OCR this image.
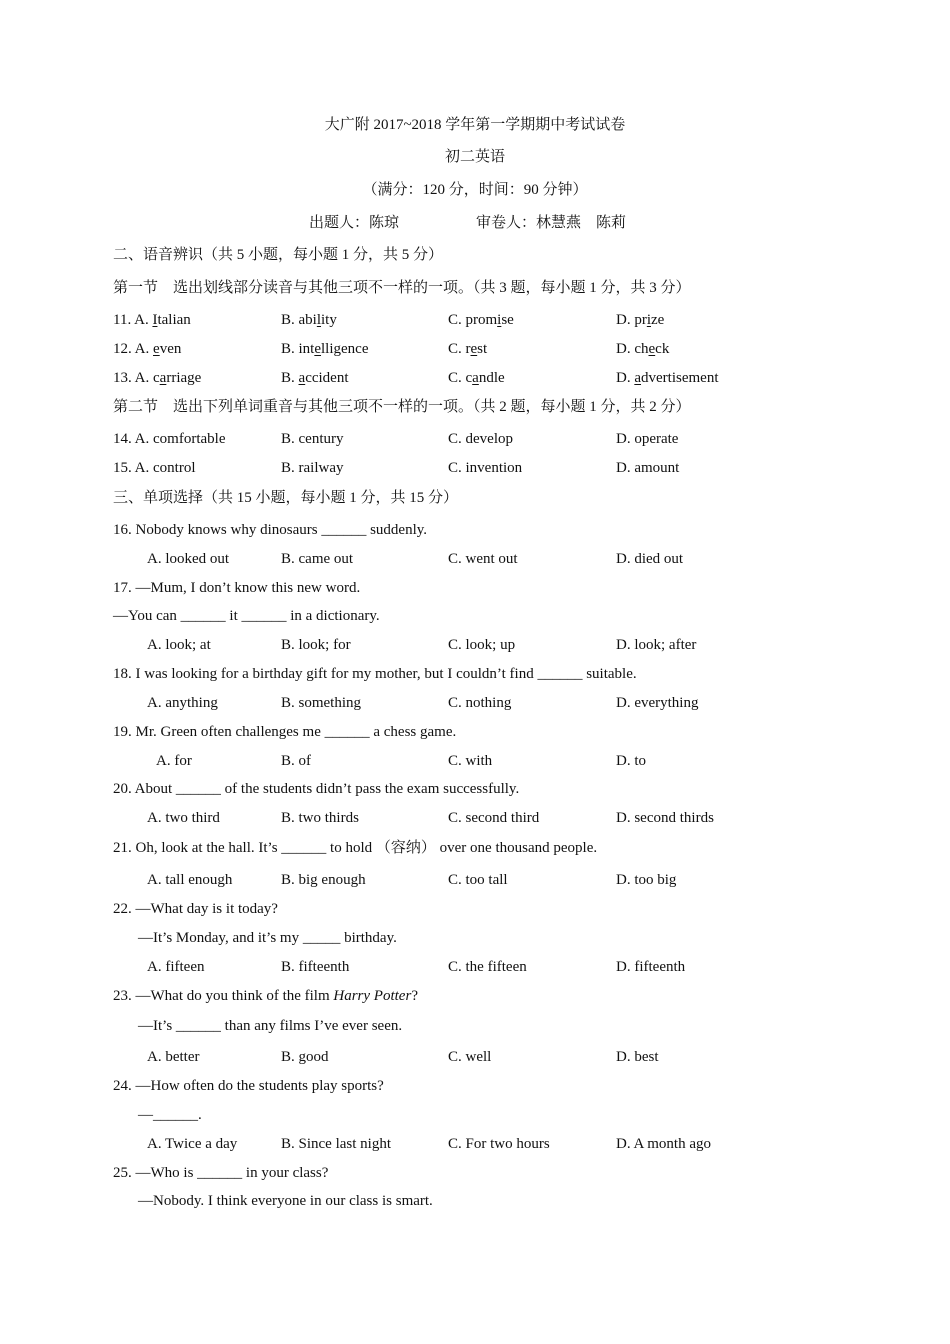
大广附 2017~2018 学年第一学期期中考试试卷
初二英语
（满分：120 分，时间：90 分钟）
出题人：陈琼	审卷人：林慧燕　陈莉
二、语音辨识（共 5 小题，每小题 1 分，共 5 分）
第一节　选出划线部分读音与其他三项不一样的一项。（共 3 题，每小题 1 分，共 3 分）
11. A. Italian	B. ability	C. promise	D. prize
12. A. even	B. intelligence	C. rest	D. check
13. A. carriage	B. accident	C. candle	D. advertisement
第二节　选出下列单词重音与其他三项不一样的一项。（共 2 题，每小题 1 分，共 2 分）
14. A. comfortable	B. century	C. develop	D. operate
15. A. control	B. railway	C. invention	D. amount
三、单项选择（共 15 小题，每小题 1 分，共 15 分）
16. Nobody knows why dinosaurs ______ suddenly.
A. looked out	B. came out	C. went out	D. died out
17. —Mum, I don’t know this new word.
—You can ______ it ______ in a dictionary.
A. look; at	B. look; for	C. look; up	D. look; after
18. I was looking for a birthday gift for my mother, but I couldn’t find ______ suitable.
A. anything	B. something	C. nothing	D. everything
19. Mr. Green often challenges me ______ a chess game.
A. for	B. of	C. with	D. to
20. About ______ of the students didn’t pass the exam successfully.
A. two third	B. two thirds	C. second third	D. second thirds
21. Oh, look at the hall. It’s ______ to hold （容纳） over one thousand people.
A. tall enough	B. big enough	C. too tall	D. too big
22. —What day is it today?
—It’s Monday, and it’s my _____ birthday.
A. fifteen	B. fifteenth	C. the fifteen	D. fifteenth
23. —What do you think of the film Harry Potter?
—It’s ______ than any films I’ve ever seen.
A. better	B. good	C. well	D. best
24. —How often do the students play sports?
—______.
A. Twice a day	B. Since last night	C. For two hours	D. A month ago
25. —Who is ______ in your class?
—Nobody. I think everyone in our class is smart.
